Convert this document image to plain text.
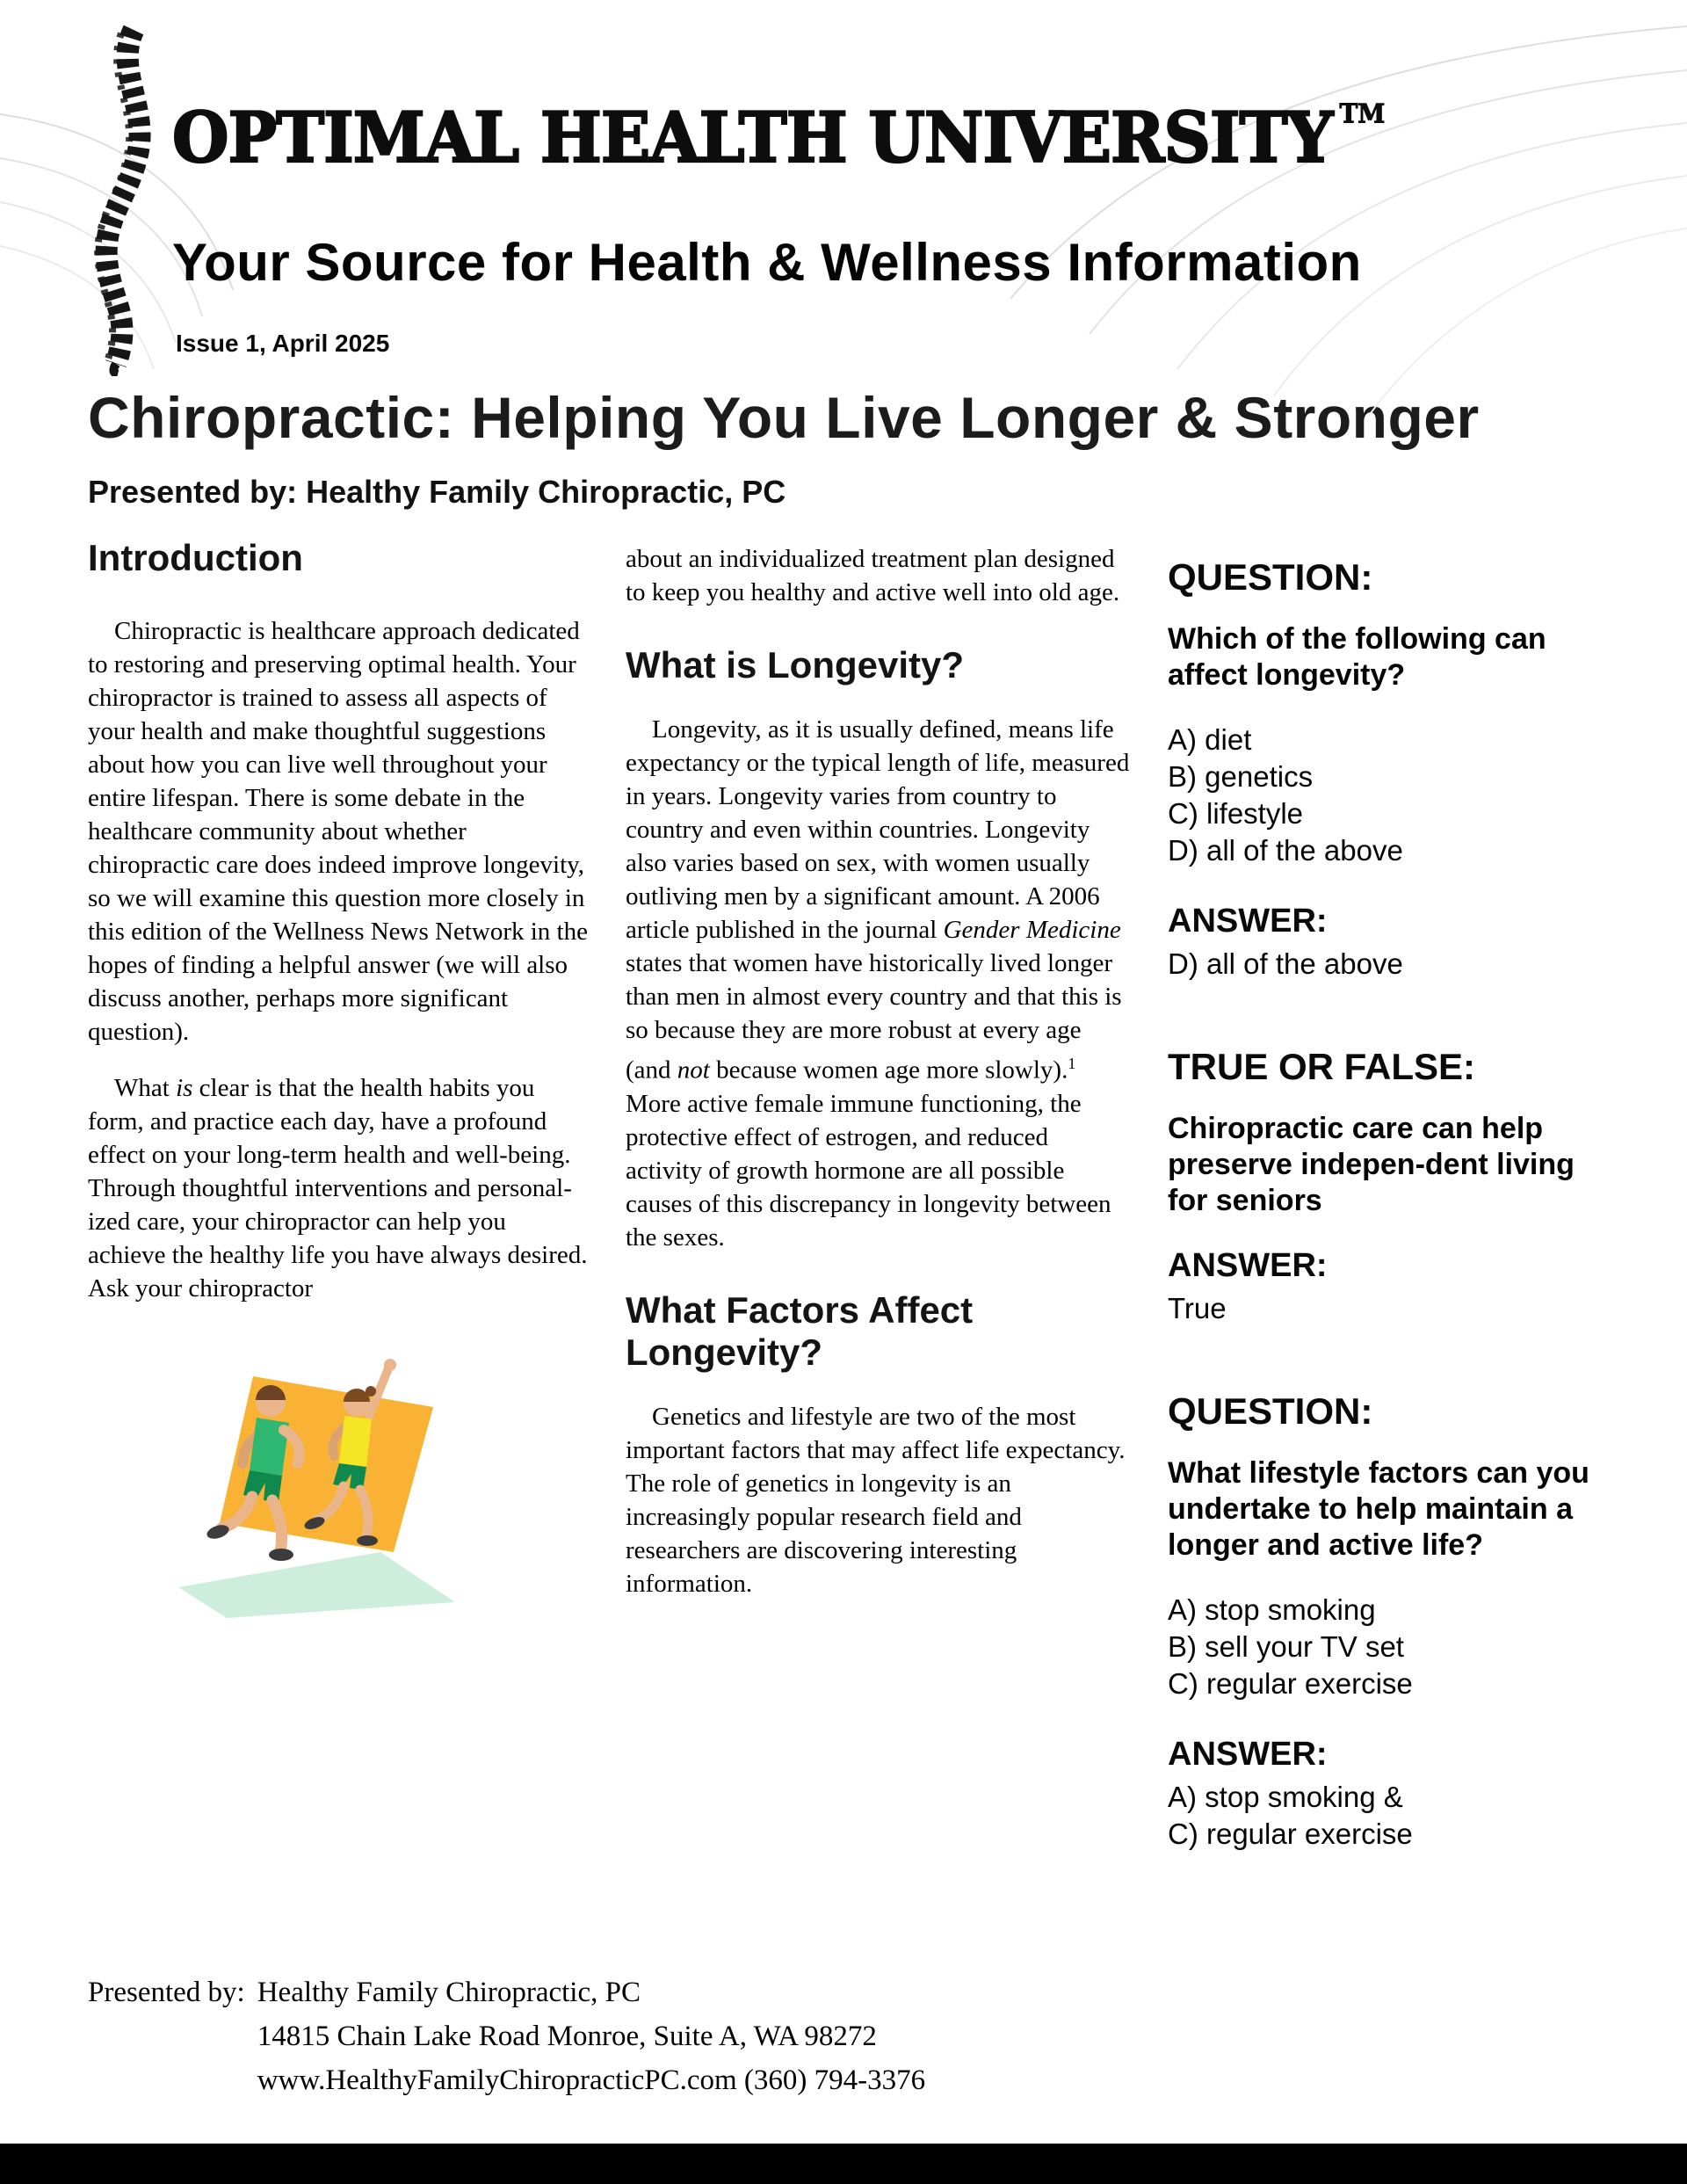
OPTIMAL HEALTH UNIVERSITY ™
Your Source for Health & Wellness Information
Issue 1, April 2025
Chiropractic: Helping You Live Longer & Stronger
Presented by: Healthy Family Chiropractic, PC
Introduction

Chiropractic is healthcare approach dedicated to restoring and preserving optimal health. Your chiropractor is trained to assess all aspects of your health and make thoughtful suggestions about how you can live well throughout your entire lifespan. There is some debate in the healthcare community about whether chiropractic care does indeed improve longevity, so we will examine this question more closely in this edition of the Wellness News Network in the hopes of finding a helpful answer (we will also discuss another, perhaps more significant question).

What is clear is that the health habits you form, and practice each day, have a profound effect on your long-term health and well-being. Through thoughtful interventions and personal-ized care, your chiropractor can help you achieve the healthy life you have always desired. Ask your chiropractor

about an individualized treatment plan designed to keep you healthy and active well into old age.

What is Longevity?

Longevity, as it is usually defined, means life expectancy or the typical length of life, measured in years. Longevity varies from country to country and even within countries. Longevity also varies based on sex, with women usually outliving men by a significant amount. A 2006 article published in the journal Gender Medicine states that women have historically lived longer than men in almost every country and that this is so because they are more robust at every age (and not because women age more slowly).$^1$ More active female immune functioning, the protective effect of estrogen, and reduced activity of growth hormone are all possible causes of this discrepancy in longevity between the sexes.

What Factors Affect Longevity?

Genetics and lifestyle are two of the most important factors that may affect life expectancy. The role of genetics in longevity is an increasingly popular research field and researchers are discovering interesting information.

QUESTION:
Which of the following can affect longevity?
A) diet
B) genetics
C) lifestyle
D) all of the above
ANSWER:
D) all of the above
TRUE OR FALSE:
Chiropractic care can help preserve indepen-dent living for seniors
ANSWER:
True
QUESTION:
What lifestyle factors can you undertake to help maintain a longer and active life?
A) stop smoking
B) sell your TV set
C) regular exercise
ANSWER:
A) stop smoking &
C) regular exercise
Presented by: Healthy Family Chiropractic, PC
14815 Chain Lake Road Monroe, Suite A, WA 98272
www.HealthyFamilyChiropracticPC.com (360) 794-3376
